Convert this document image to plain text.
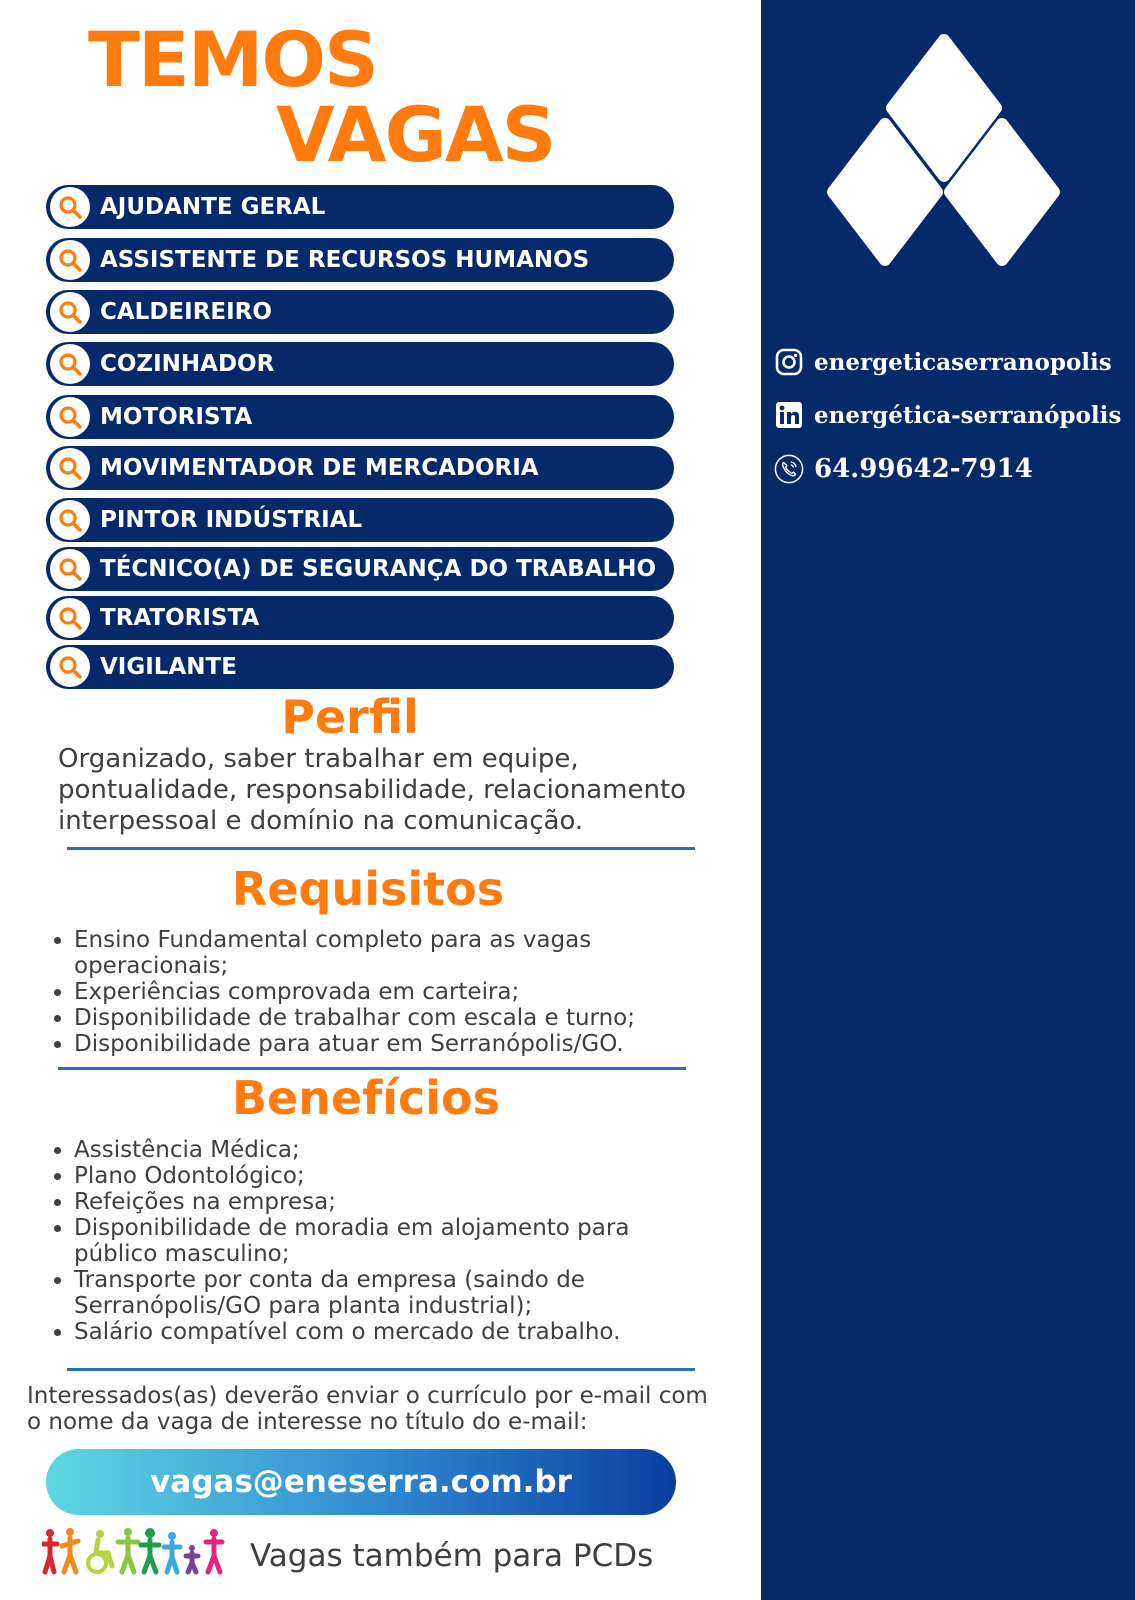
energeticaserranopolis
energética-serranópolis
64.99642-7914
TEMOS
VAGAS
AJUDANTE GERAL
ASSISTENTE DE RECURSOS HUMANOS
CALDEIREIRO
COZINHADOR
MOTORISTA
MOVIMENTADOR DE MERCADORIA
PINTOR INDÚSTRIAL
TÉCNICO(A) DE SEGURANÇA DO TRABALHO
TRATORISTA
VIGILANTE
Perfil
Organizado, saber trabalhar em equipe,
pontualidade, responsabilidade, relacionamento
interpessoal e domínio na comunicação.
Requisitos
• Ensino Fundamental completo para as vagas operacionais;
• Experiências comprovada em carteira;
• Disponibilidade de trabalhar com escala e turno;
• Disponibilidade para atuar em Serranópolis/GO.
Benefícios
• Assistência Médica;
• Plano Odontológico;
• Refeições na empresa;
• Disponibilidade de moradia em alojamento para público masculino;
• Transporte por conta da empresa (saindo de Serranópolis/GO para planta industrial);
• Salário compatível com o mercado de trabalho.
Interessados(as) deverão enviar o currículo por e-mail com
o nome da vaga de interesse no título do e-mail:
vagas@eneserra.com.br
Vagas também para PCDs
